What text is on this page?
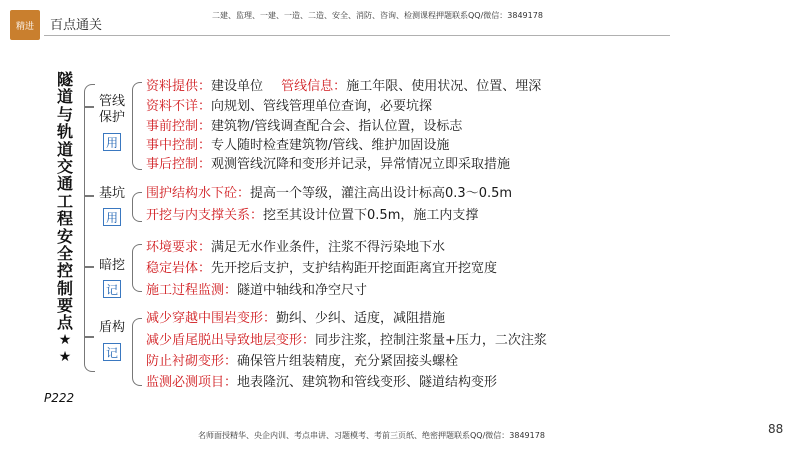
精进	百点通关
二建、监理、一建、一造、二造、安全、消防、咨询、检测课程押题联系QQ/微信：3849178
隧
道
与
轨
道
交
通
工
程
安
全
控
制
要
点
★
★
P222
管线
保护
用
资料提供：建设单位 管线信息：施工年限、使用状况、位置、埋深
资料不详：向规划、管线管理单位查询，必要坑探
事前控制：建筑物/管线调查配合会、指认位置，设标志
事中控制：专人随时检查建筑物/管线、维护加固设施
事后控制：观测管线沉降和变形并记录，异常情况立即采取措施
基坑
用
围护结构水下砼：提高一个等级，灌注高出设计标高0.3～0.5m
开挖与内支撑关系：挖至其设计位置下0.5m，施工内支撑
暗挖
记
环境要求：满足无水作业条件，注浆不得污染地下水
稳定岩体：先开挖后支护，支护结构距开挖面距离宜开挖宽度
施工过程监测：隧道中轴线和净空尺寸
盾构
记
减少穿越中围岩变形：勤纠、少纠、适度，减阻措施
减少盾尾脱出导致地层变形：同步注浆，控制注浆量+压力，二次注浆
防止衬砌变形：确保管片组装精度，充分紧固接头螺栓
监测必测项目：地表隆沉、建筑物和管线变形、隧道结构变形
名师面授精华、央企内训、考点串讲、习题模考、考前三页纸、绝密押题联系QQ/微信：3849178	88
